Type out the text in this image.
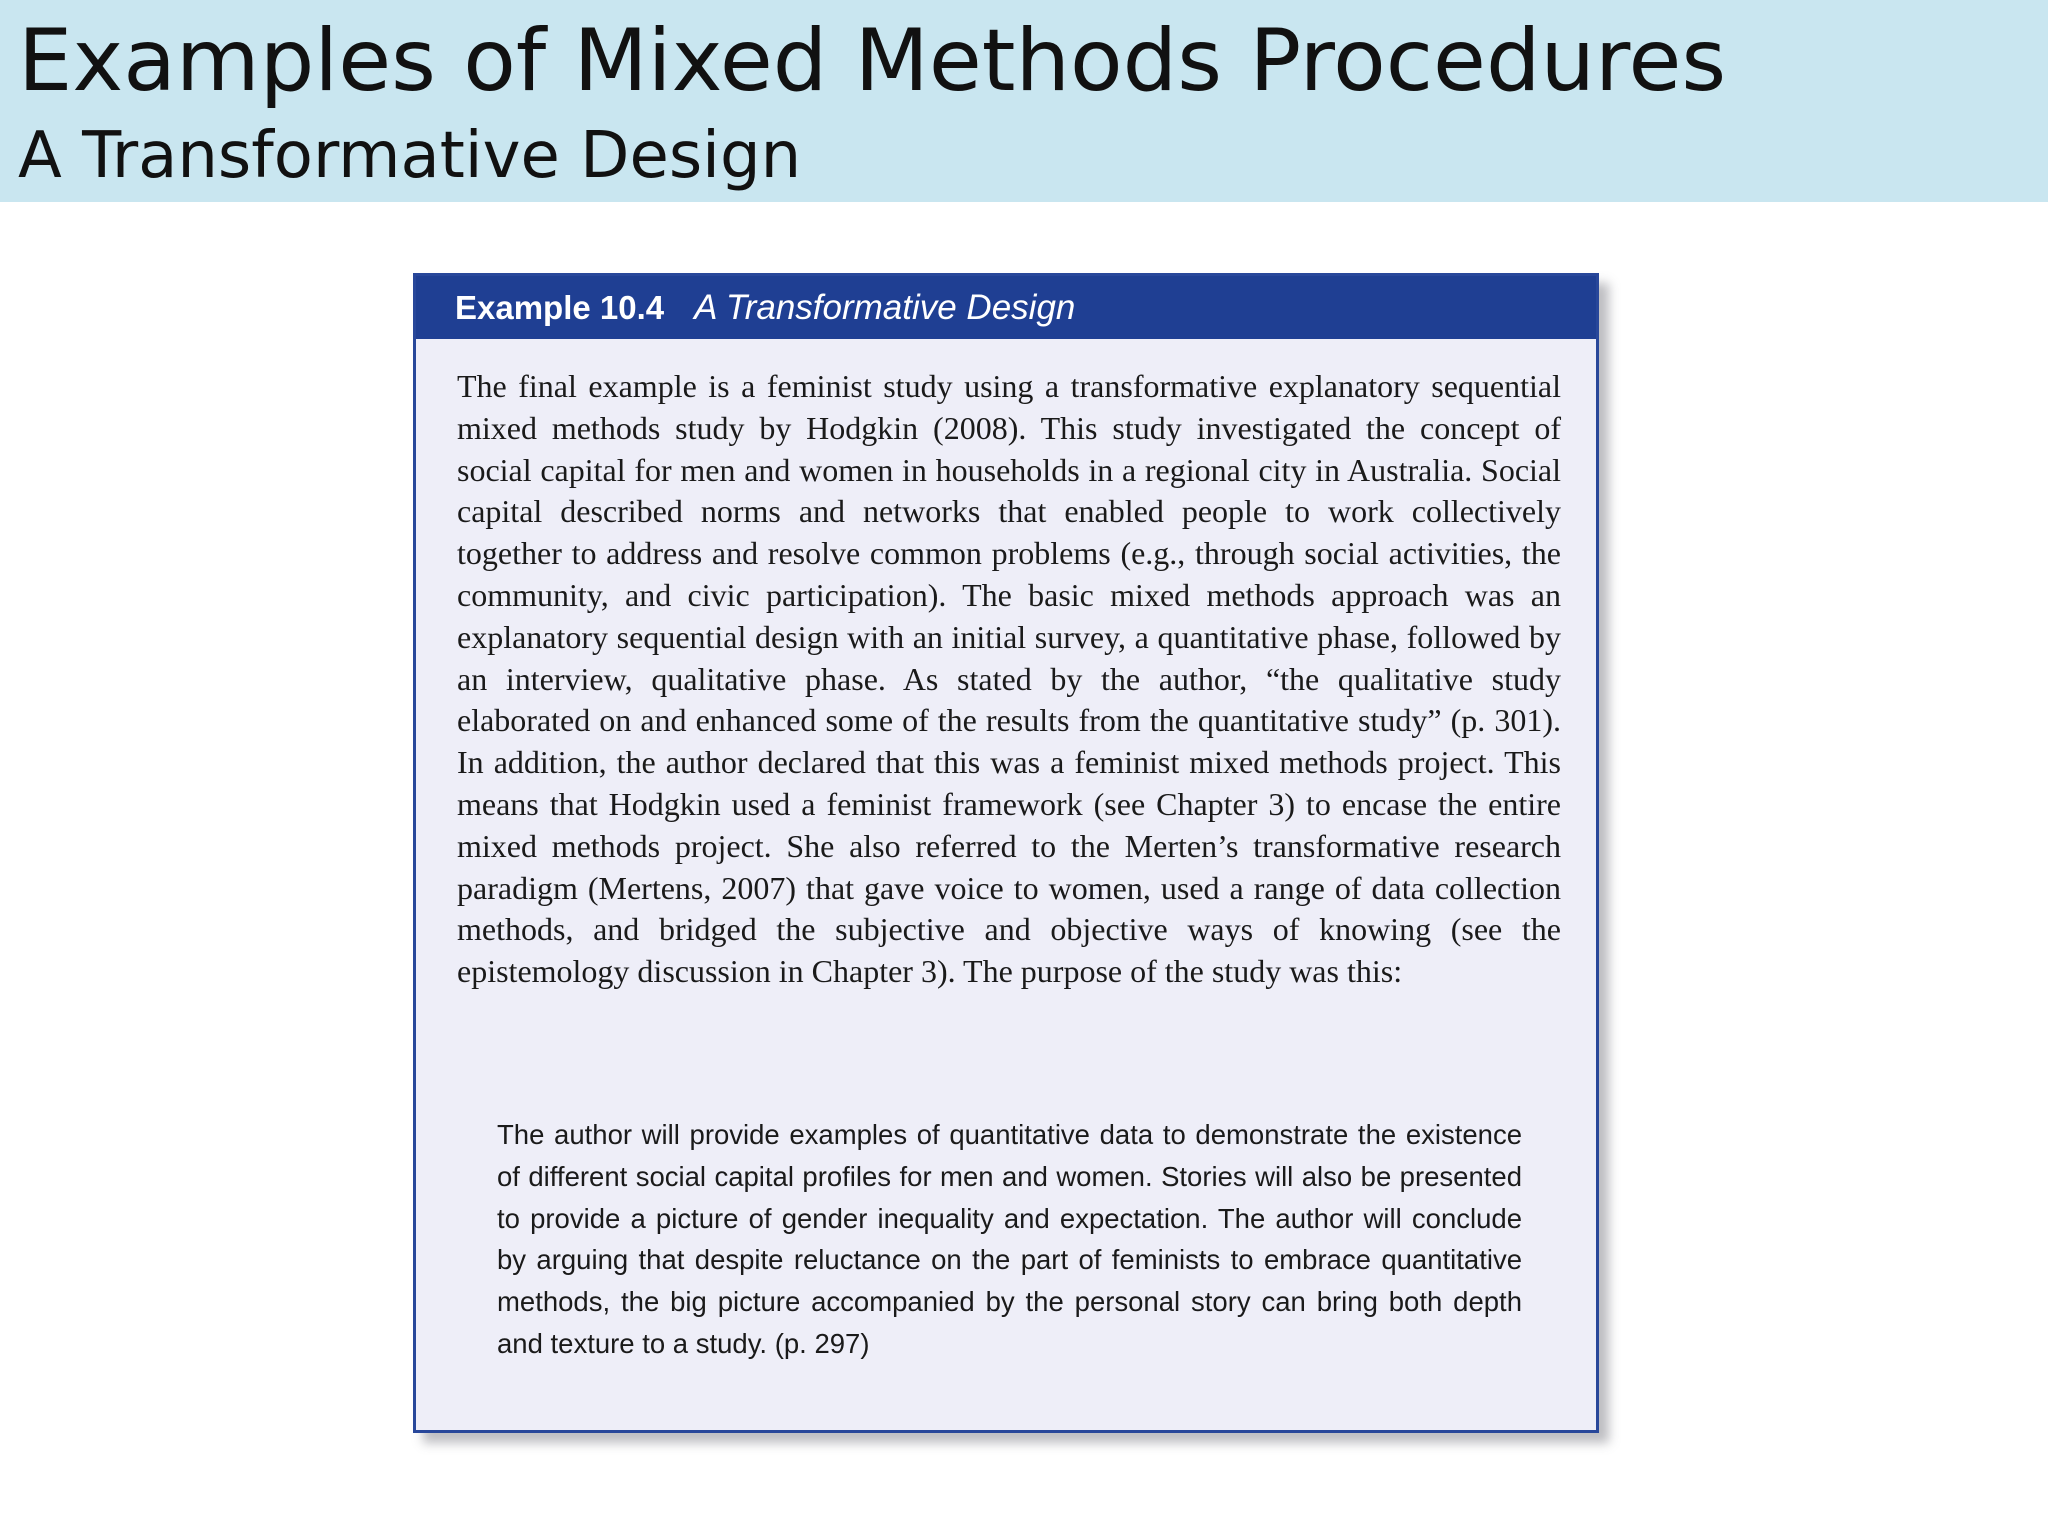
Examples of Mixed Methods Procedures
A Transformative Design
Example 10.4 A Transformative Design
The final example is a feminist study using a transformative explanatory sequential mixed methods study by Hodgkin (2008). This study investigated the concept of social capital for men and women in households in a regional city in Australia. Social capital described norms and networks that enabled people to work collectively together to address and resolve common problems (e.g., through social activities, the community, and civic participation). The basic mixed methods approach was an explanatory sequential design with an initial survey, a quantitative phase, followed by an interview, qualitative phase. As stated by the author, “the qualitative study elaborated on and enhanced some of the results from the quantitative study” (p. 301). In addition, the author declared that this was a feminist mixed methods project. This means that Hodgkin used a feminist framework (see Chapter 3) to encase the entire mixed methods project. She also referred to the Merten’s transformative research paradigm (Mertens, 2007) that gave voice to women, used a range of data collection methods, and bridged the subjective and objective ways of knowing (see the epistemology discussion in Chapter 3). The purpose of the study was this:
The author will provide examples of quantitative data to demonstrate the existence of different social capital profiles for men and women. Stories will also be presented to provide a picture of gender inequality and expectation. The author will conclude by arguing that despite reluctance on the part of feminists to embrace quantitative methods, the big picture accompanied by the personal story can bring both depth and texture to a study. (p. 297)
